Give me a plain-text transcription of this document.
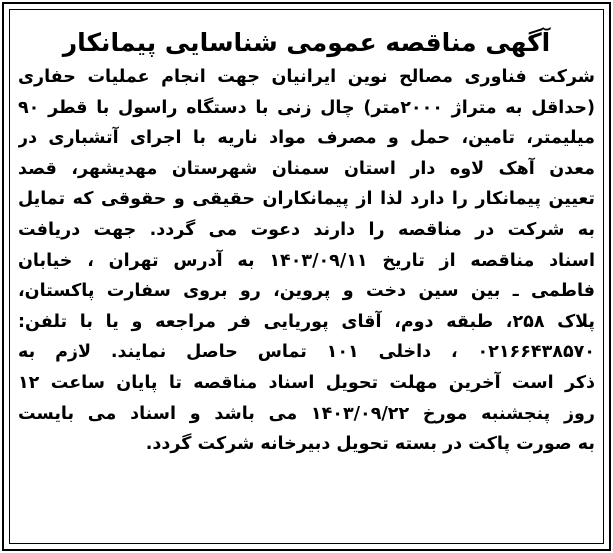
آگهی مناقصه عمومی شناسایی پیمانکار
شرکت فناوری مصالح نوین ایرانیان جهت انجام عملیات حفاری
(حداقل به متراژ ۲۰۰۰متر) چال زنی با دستگاه راسول با قطر ۹۰
میلیمتر، تامین، حمل و مصرف مواد ناریه با اجرای آتشباری در
معدن آهک لاوه دار استان سمنان شهرستان مهدیشهر، قصد
تعیین پیمانکار را دارد لذا از پیمانکاران حقیقی و حقوقی که تمایل
به شرکت در مناقصه را دارند دعوت می گردد. جهت دریافت
اسناد مناقصه از تاریخ ۱۴۰۳/۰۹/۱۱ به آدرس تهران ، خیابان
فاطمی ـ بین سین دخت و پروین، رو بروی سفارت پاکستان،
پلاک ۲۵۸، طبقه دوم، آقای پوریایی فر مراجعه و یا با تلفن:
۰۲۱۶۶۴۳۸۵۷۰ ، داخلی ۱۰۱ تماس حاصل نمایند. لازم به
ذکر است آخرین مهلت تحویل اسناد مناقصه تا پایان ساعت ۱۲
روز پنجشنبه مورخ ۱۴۰۳/۰۹/۲۲ می باشد و اسناد می بایست
به صورت پاکت در بسته تحویل دبیرخانه شرکت گردد.
